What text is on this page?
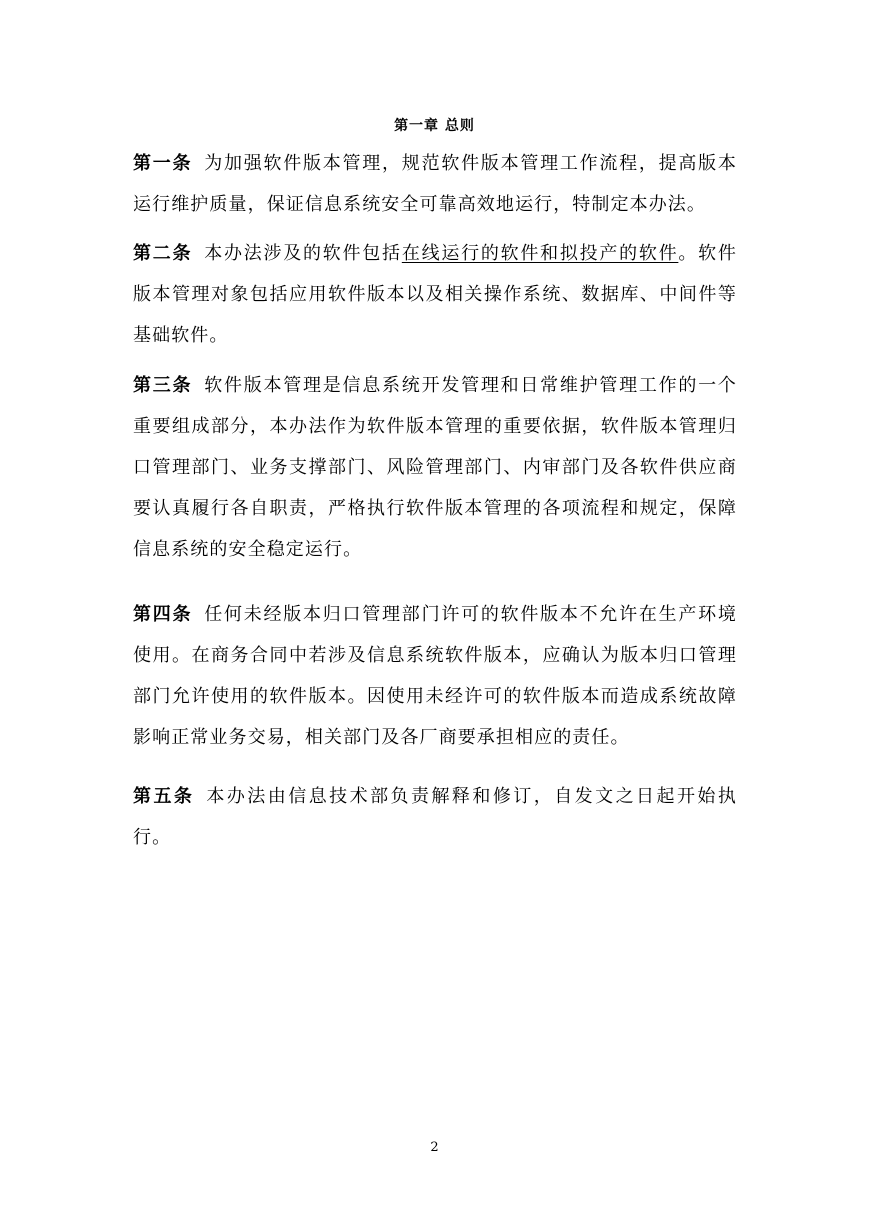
第一章 总则
第一条 为加强软件版本管理，规范软件版本管理工作流程，提高版本运行维护质量，保证信息系统安全可靠高效地运行，特制定本办法。
第二条 本办法涉及的软件包括在线运行的软件和拟投产的软件。软件版本管理对象包括应用软件版本以及相关操作系统、数据库、中间件等基础软件。
第三条 软件版本管理是信息系统开发管理和日常维护管理工作的一个重要组成部分，本办法作为软件版本管理的重要依据，软件版本管理归口管理部门、业务支撑部门、风险管理部门、内审部门及各软件供应商要认真履行各自职责，严格执行软件版本管理的各项流程和规定，保障信息系统的安全稳定运行。
第四条 任何未经版本归口管理部门许可的软件版本不允许在生产环境使用。在商务合同中若涉及信息系统软件版本，应确认为版本归口管理部门允许使用的软件版本。因使用未经许可的软件版本而造成系统故障影响正常业务交易，相关部门及各厂商要承担相应的责任。
第五条 本办法由信息技术部负责解释和修订，自发文之日起开始执行。
2
